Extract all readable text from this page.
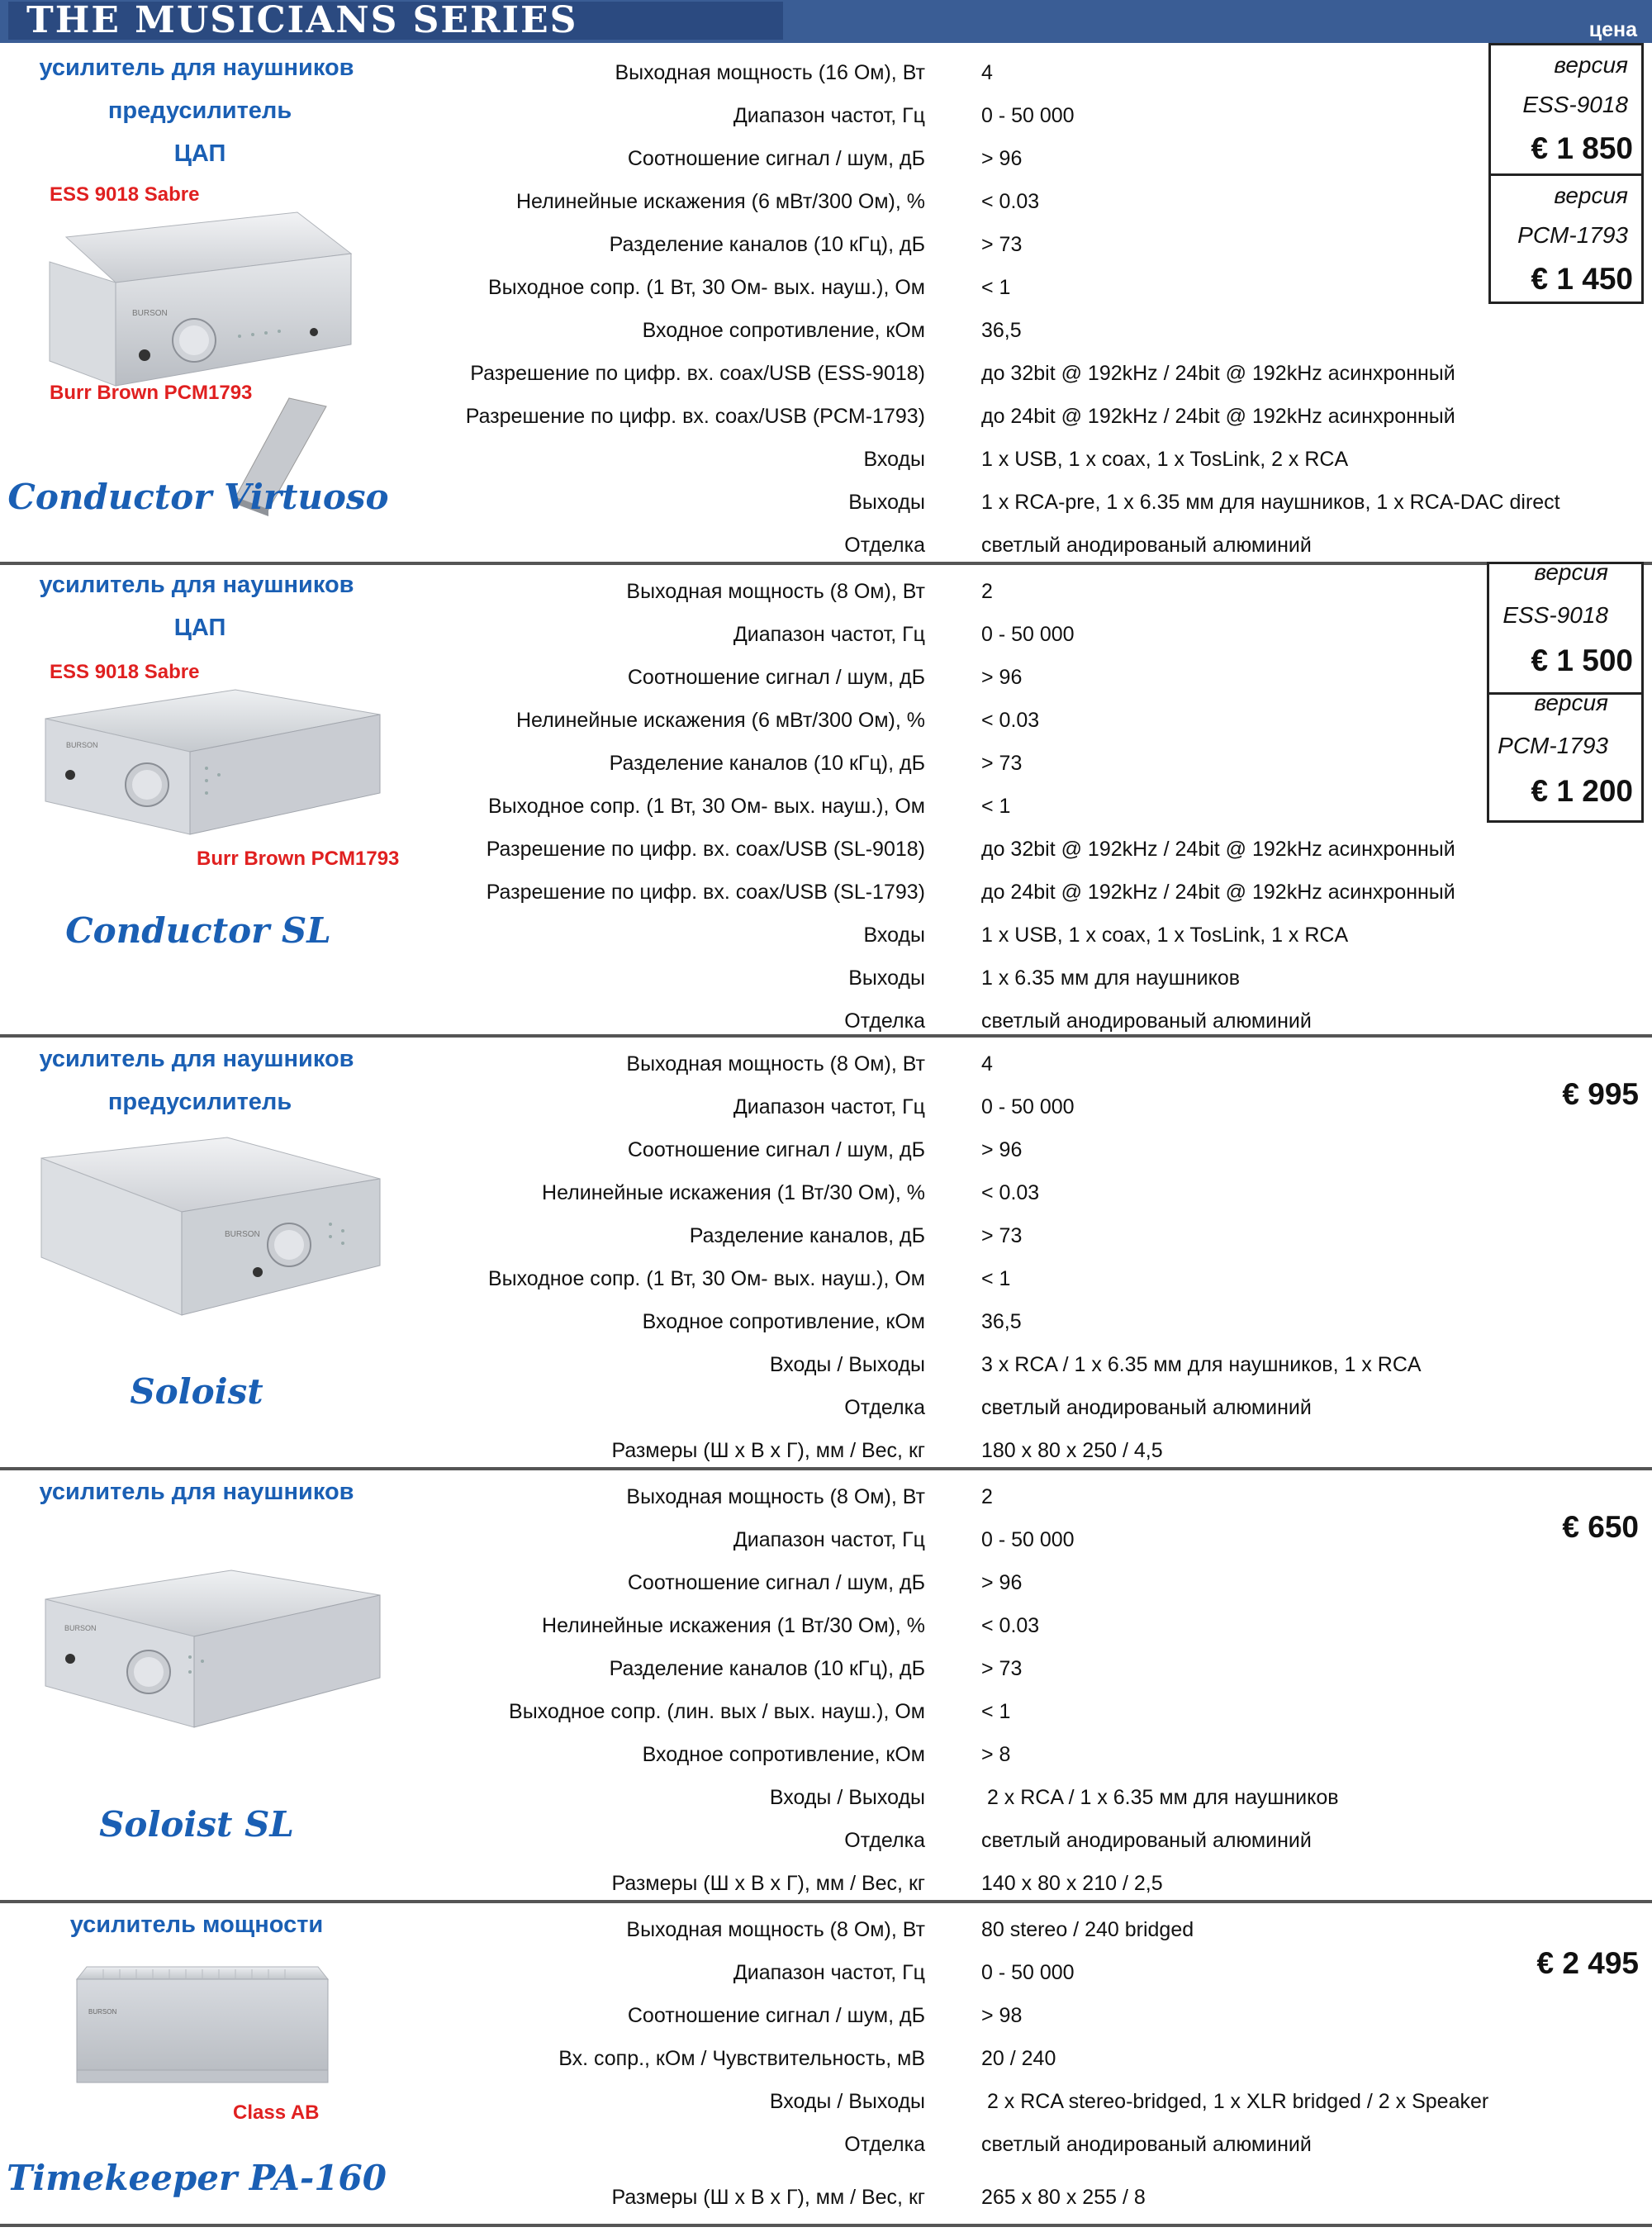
THE MUSICIANS SERIES	цена
усилитель для наушников
предусилитель
ЦАП
ESS 9018 Sabre
Burr Brown PCM1793
BURSON
Conductor Virtuoso
Выходная мощность (16 Ом), Вт	4
Диапазон частот, Гц	0 - 50 000
Соотношение сигнал / шум, дБ	> 96
Нелинейные искажения (6 мВт/300 Ом), %	< 0.03
Разделение каналов (10 кГц), дБ	> 73
Выходное сопр. (1 Вт, 30 Ом- вых. науш.), Ом	< 1
Входное сопротивление, кОм	36,5
Разрешение по цифр. вх. coax/USB (ESS-9018)	до 32bit @ 192kHz / 24bit @ 192kHz асинхронный
Разрешение по цифр. вх. coax/USB (PCM-1793)	до 24bit @ 192kHz / 24bit @ 192kHz асинхронный
Входы	1 x USB, 1 x coax, 1 x TosLink, 2 x RCA
Выходы	1 x RCA-pre, 1 x 6.35 мм для наушников, 1 x RCA-DAC direct
Отделка	светлый анодированый алюминий
версия
ESS-9018
€ 1 850
версия
PCM-1793
€ 1 450
усилитель для наушников
ЦАП
ESS 9018 Sabre
Burr Brown PCM1793
BURSON
Conductor SL
Выходная мощность (8 Ом), Вт	2
Диапазон частот, Гц	0 - 50 000
Соотношение сигнал / шум, дБ	> 96
Нелинейные искажения (6 мВт/300 Ом), %	< 0.03
Разделение каналов (10 кГц), дБ	> 73
Выходное сопр. (1 Вт, 30 Ом- вых. науш.), Ом	< 1
Разрешение по цифр. вх. coax/USB (SL-9018)	до 32bit @ 192kHz / 24bit @ 192kHz асинхронный
Разрешение по цифр. вх. coax/USB (SL-1793)	до 24bit @ 192kHz / 24bit @ 192kHz асинхронный
Входы	1 x USB, 1 x coax, 1 x TosLink, 1 x RCA
Выходы	1 x 6.35 мм для наушников
Отделка	светлый анодированый алюминий
версия
ESS-9018
€ 1 500
версия
PCM-1793
€ 1 200
усилитель для наушников
предусилитель
BURSON
Soloist
Выходная мощность (8 Ом), Вт	4
Диапазон частот, Гц	0 - 50 000
Соотношение сигнал / шум, дБ	> 96
Нелинейные искажения (1 Вт/30 Ом), %	< 0.03
Разделение каналов, дБ	> 73
Выходное сопр. (1 Вт, 30 Ом- вых. науш.), Ом	< 1
Входное сопротивление, кОм	36,5
Входы / Выходы	3 x RCA / 1 x 6.35 мм для наушников, 1 x RCA
Отделка	светлый анодированый алюминий
Размеры (Ш x В x Г), мм / Вес, кг	180 x 80 x 250 / 4,5
€ 995
усилитель для наушников
BURSON
Soloist SL
Выходная мощность (8 Ом), Вт	2
Диапазон частот, Гц	0 - 50 000
Соотношение сигнал / шум, дБ	> 96
Нелинейные искажения (1 Вт/30 Ом), %	< 0.03
Разделение каналов (10 кГц), дБ	> 73
Выходное сопр. (лин. вых / вых. науш.), Ом	< 1
Входное сопротивление, кОм	> 8
Входы / Выходы	2 x RCA / 1 x 6.35 мм для наушников
Отделка	светлый анодированый алюминий
Размеры (Ш x В x Г), мм / Вес, кг	140 x 80 x 210 / 2,5
€ 650
усилитель мощности
BURSON
Class AB
Timekeeper PA-160
Выходная мощность (8 Ом), Вт	80 stereo / 240 bridged
Диапазон частот, Гц	0 - 50 000
Соотношение сигнал / шум, дБ	> 98
Вх. сопр., кОм / Чувствительность, мВ	20 / 240
Входы / Выходы	2 x RCA stereo-bridged, 1 x XLR bridged / 2 x Speaker
Отделка	светлый анодированый алюминий
Размеры (Ш x В x Г), мм / Вес, кг	265 x 80 x 255 / 8
€ 2 495
